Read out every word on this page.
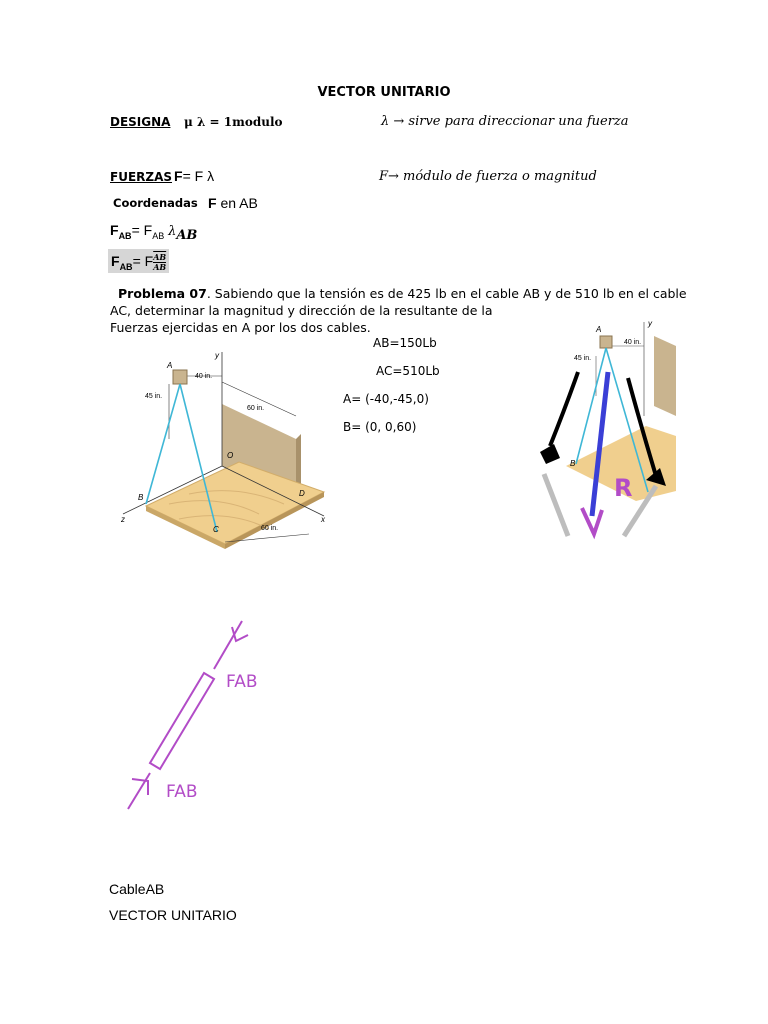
VECTOR UNITARIO
DESIGNA μ λ = 1modulo	λ → sirve para direccionar una fuerza
FUERZAS F= F λ	F→ módulo de fuerza o magnitud
Coordenadas F en AB
$F_{AB}= F_{AB}$ $\lambda_{AB}$
$F_{AB}= F \frac{\overline{AB}}{AB}$
Problema 07. Sabiendo que la tensión es de 425 lb en el cable AB y de 510 lb en el cable
AC, determinar la magnitud y dirección de la resultante de la
Fuerzas ejercidas en A por los dos cables.
AB=150Lb
AC=510Lb
A= (-40,-45,0)
B= (0, 0,60)
A
y
40 in.
45 in.
60 in.
O
B	D
z
C	60 in.
x
A
y
40 in.
45 in.
B
R
FAB
FAB
CableAB
VECTOR UNITARIO
